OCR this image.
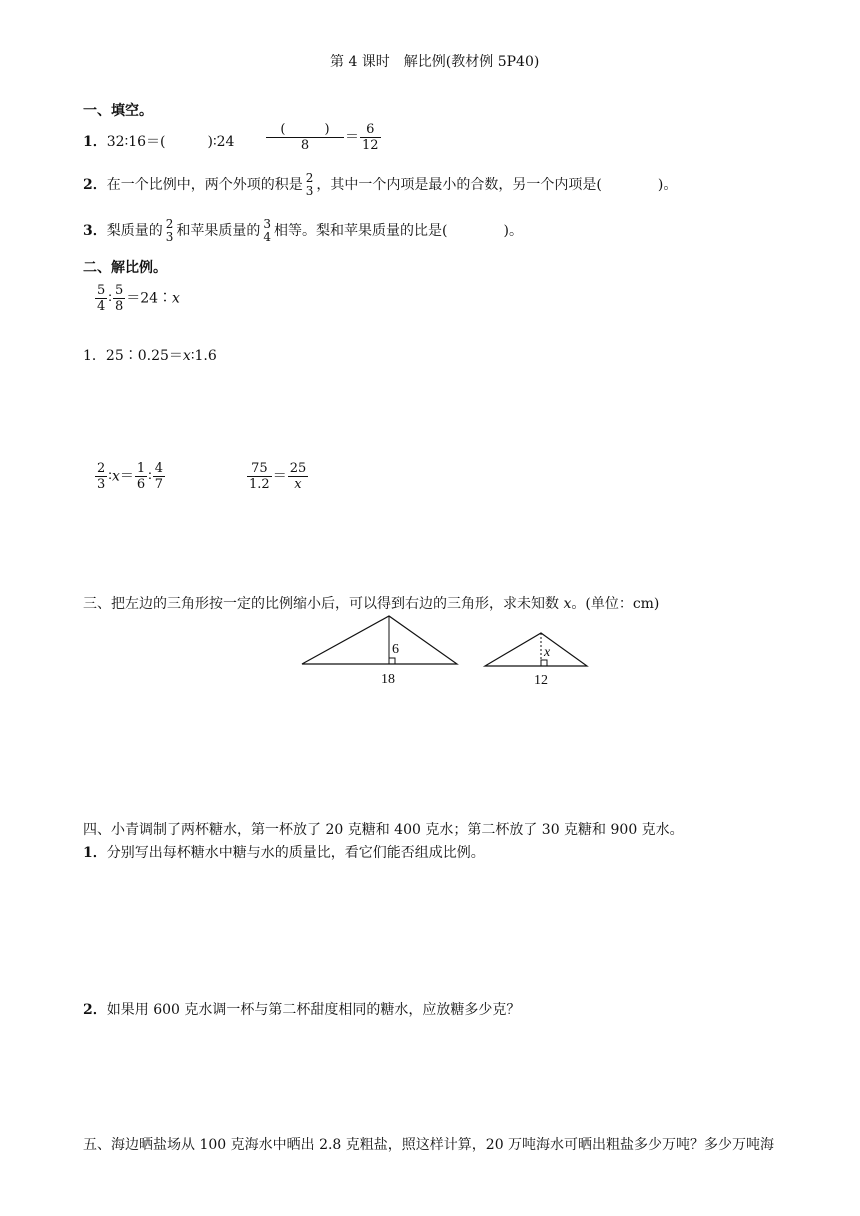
第 4 课时　解比例(教材例 5P40)
一、填空。
1．32∶16＝(　　　)∶24 $\frac{( )}{8} = \frac{6}{12}$
2．在一个比例中，两个外项的积是 2
3 ，其中一个内项是最小的合数，另一个内项是(　　　　)。
3．梨质量的 2
3 和苹果质量的 3
4 相等。梨和苹果质量的比是(　　　　)。
二、解比例。
$\frac{5}{4}$ ∶ $\frac{5}{8}$ ＝24∶x
1．25∶0.25＝x∶1.6
$\frac{2}{3}$ ∶x＝ $\frac{1}{6}$ ∶ $\frac{4}{7}$	$\frac{75}{1.2} = \frac{25}{x}$
三、把左边的三角形按一定的比例缩小后，可以得到右边的三角形，求未知数 x。(单位：cm)
6
18
x
12
四、小青调制了两杯糖水，第一杯放了 20 克糖和 400 克水；第二杯放了 30 克糖和 900 克水。
1．分别写出每杯糖水中糖与水的质量比，看它们能否组成比例。
2．如果用 600 克水调一杯与第二杯甜度相同的糖水，应放糖多少克？
五、海边晒盐场从 100 克海水中晒出 2.8 克粗盐，照这样计算，20 万吨海水可晒出粗盐多少万吨？多少万吨海
